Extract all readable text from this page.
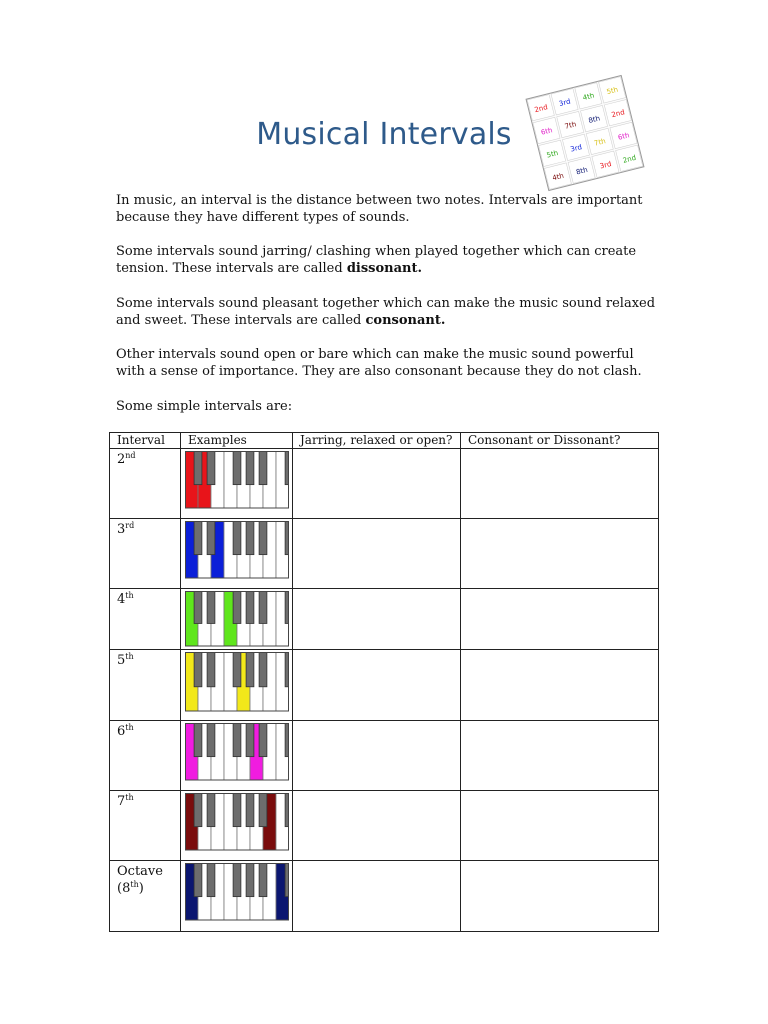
Musical Intervals
2nd
3rd
4th
5th
6th
7th
8th
2nd
5th
3rd
7th
6th
4th
8th
3rd
2nd
In music, an interval is the distance between two notes. Intervals are important because they have different types of sounds.
Some intervals sound jarring/ clashing when played together which can create tension. These intervals are called dissonant.
Some intervals sound pleasant together which can make the music sound relaxed and sweet. These intervals are called consonant.
Other intervals sound open or bare which can make the music sound powerful with a sense of importance. They are also consonant because they do not clash.
Some simple intervals are:
Interval	Examples	Jarring, relaxed or open?	Consonant or Dissonant?
2nd	

3rd	

4th	

5th	

6th	

7th	

Octave
(8th)	
